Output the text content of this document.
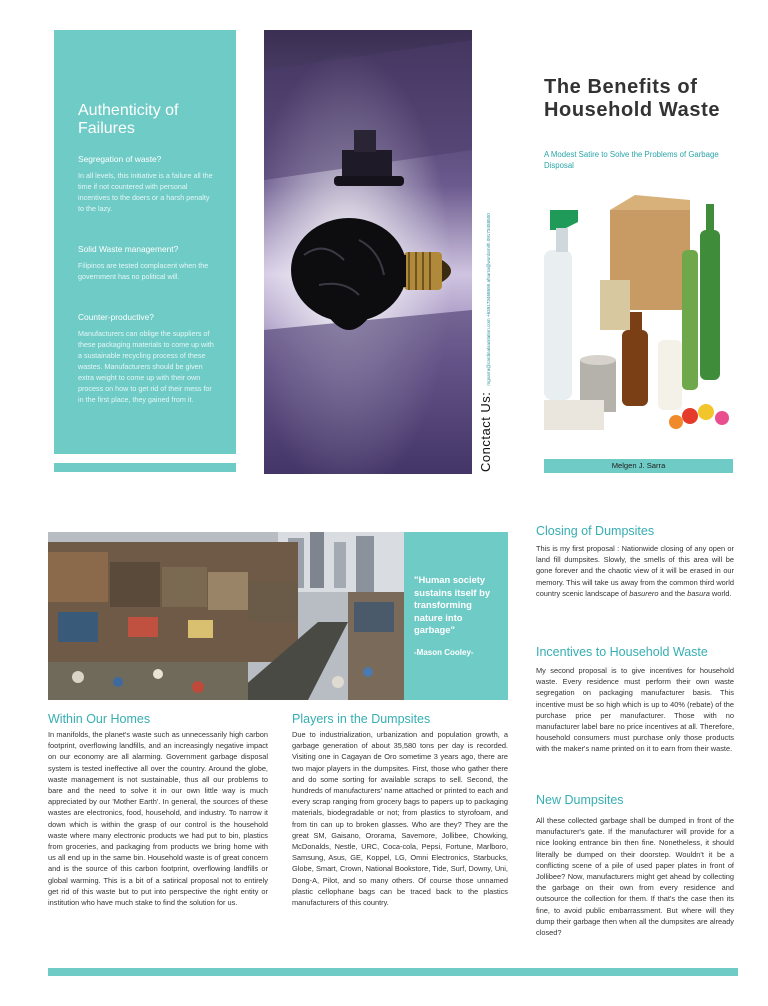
Authenticity of Failures
Segregation of waste?

In all levels, this initiative is a failure all the time if not countered with personal incentives to the doers or a harsh penalty to the lazy.

Solid Waste management?

Filipinos are tested complacent when the government has no political will.

Counter-productive?

Manufacturers can oblige the suppliers of these packaging materials to come up with a sustainable recycling process of these wastes. Manufacturers should be given extra weight to come up with their own process on how to get rid of their mess for in the first place, they gained from it.	Conctact Us:mgsarra@cardinalsanitation.com +639173468695 afsarra@wordsmith 09173458500
The Benefits of Household Waste
A Modest Satire to Solve the Problems of Garbage Disposal
Melgen J. Sarra
"Human society sustains itself by transforming nature into garbage"
-Mason Cooley-
Within Our Homes

In manifolds, the planet's waste such as unnecessarily high carbon footprint, overflowing landfills, and an increasingly negative impact on our economy are all alarming. Government garbage disposal system is tested ineffective all over the country. Around the globe, waste management is not sustainable, thus all our problems to bare and the need to solve it in our own little way is much appreciated by our 'Mother Earth'. In general, the sources of these wastes are electronics, food, household, and industry. To narrow it down which is within the grasp of our control is the household waste where many electronic products we had put to bin, plastics from groceries, and packaging from products we bring home with us all end up in the same bin. Household waste is of great concern and is the source of this carbon footprint, overflowing landfills or global warming. This is a bit of a satirical proposal not to entirely get rid of this waste but to put into perspective the right entity or institution who have much stake to find the solution for us.

Players in the Dumpsites

Due to industrialization, urbanization and population growth, a garbage generation of about 35,580 tons per day is recorded. Visiting one in Cagayan de Oro sometime 3 years ago, there are two major players in the dumpsites. First, those who gather there and do some sorting for available scraps to sell. Second, the hundreds of manufacturers' name attached or printed to each and every scrap ranging from grocery bags to papers up to packaging materials, biodegradable or not; from plastics to styrofoam, and from tin can up to broken glasses. Who are they? They are the great SM, Gaisano, Ororama, Savemore, Jollibee, Chowking, McDonalds, Nestle, URC, Coca-cola, Pepsi, Fortune, Marlboro, Samsung, Asus, GE, Koppel, LG, Omni Electronics, Starbucks, Globe, Smart, Crown, National Bookstore, Tide, Surf, Downy, Uni, Dong-A, Pilot, and so many others. Of course those unnamed plastic cellophane bags can be traced back to the plastics manufacturers of this country.

Closing of Dumpsites

This is my first proposal : Nationwide closing of any open or land fill dumpsites. Slowly, the smells of this area will be gone forever and the chaotic view of it will be erased in our memory. This will take us away from the common third world country scenic landscape of basurero and the basura world.

Incentives to Household Waste

My second proposal is to give incentives for household waste. Every residence must perform their own waste segregation on packaging manufacturer basis. This incentive must be so high which is up to 40% (rebate) of the purchase price per manufacturer. Those with no manufacturer label bare no price incentives at all. Therefore, household consumers must purchase only those products with the maker's name printed on it to earn from their waste.

New Dumpsites

All these collected garbage shall be dumped in front of the manufacturer's gate. If the manufacturer will provide for a nice looking entrance bin then fine. Nonetheless, it should literally be dumped on their doorstep. Wouldn't it be a conflicting scene of a pile of used paper plates in front of Jollibee? Now, manufacturers might get ahead by collecting the garbage on their own from every residence and outsource the collection for them. If that's the case then its fine, to avoid public embarrassment. But where will they dump their garbage then when all the dumpsites are already closed?
